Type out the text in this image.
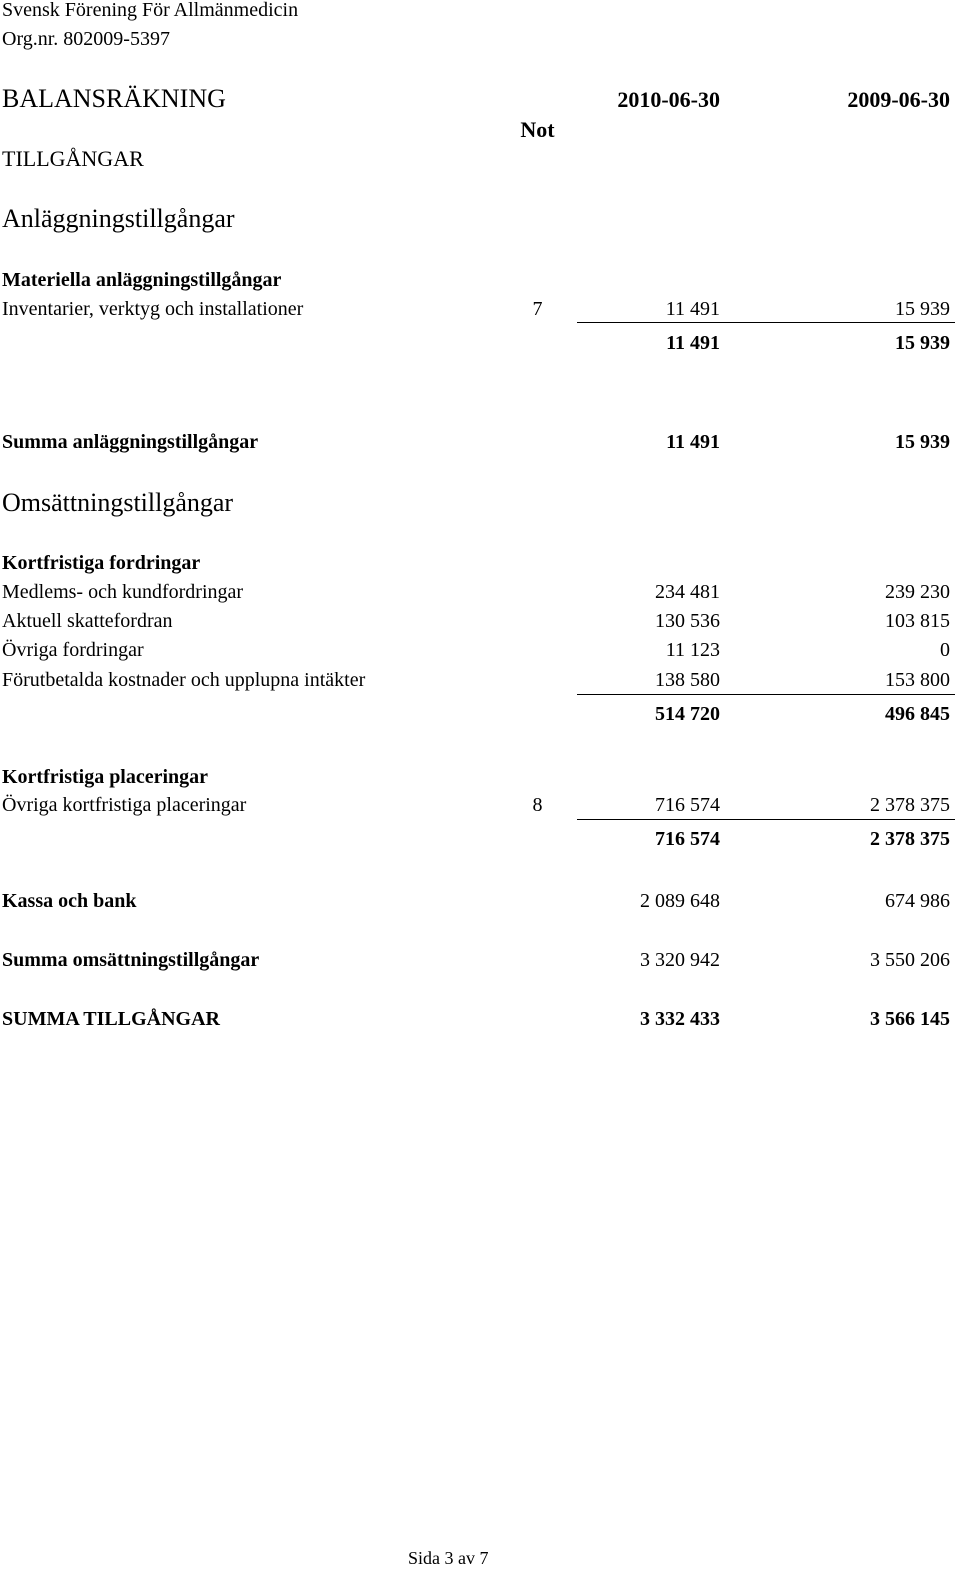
Svensk Förening För Allmänmedicin
Org.nr. 802009-5397
BALANSRÄKNING	2010-06-30	2009-06-30
Not
TILLGÅNGAR
Anläggningstillgångar
Materiella anläggningstillgångar
Inventarier, verktyg och installationer	7	11 491	15 939
11 491	15 939
Summa anläggningstillgångar	11 491	15 939
Omsättningstillgångar
Kortfristiga fordringar
Medlems- och kundfordringar	234 481	239 230
Aktuell skattefordran	130 536	103 815
Övriga fordringar	11 123	0
Förutbetalda kostnader och upplupna intäkter	138 580	153 800
514 720	496 845
Kortfristiga placeringar
Övriga kortfristiga placeringar	8	716 574	2 378 375
716 574	2 378 375
Kassa och bank	2 089 648	674 986
Summa omsättningstillgångar	3 320 942	3 550 206
SUMMA TILLGÅNGAR	3 332 433	3 566 145
Sida 3 av 7
